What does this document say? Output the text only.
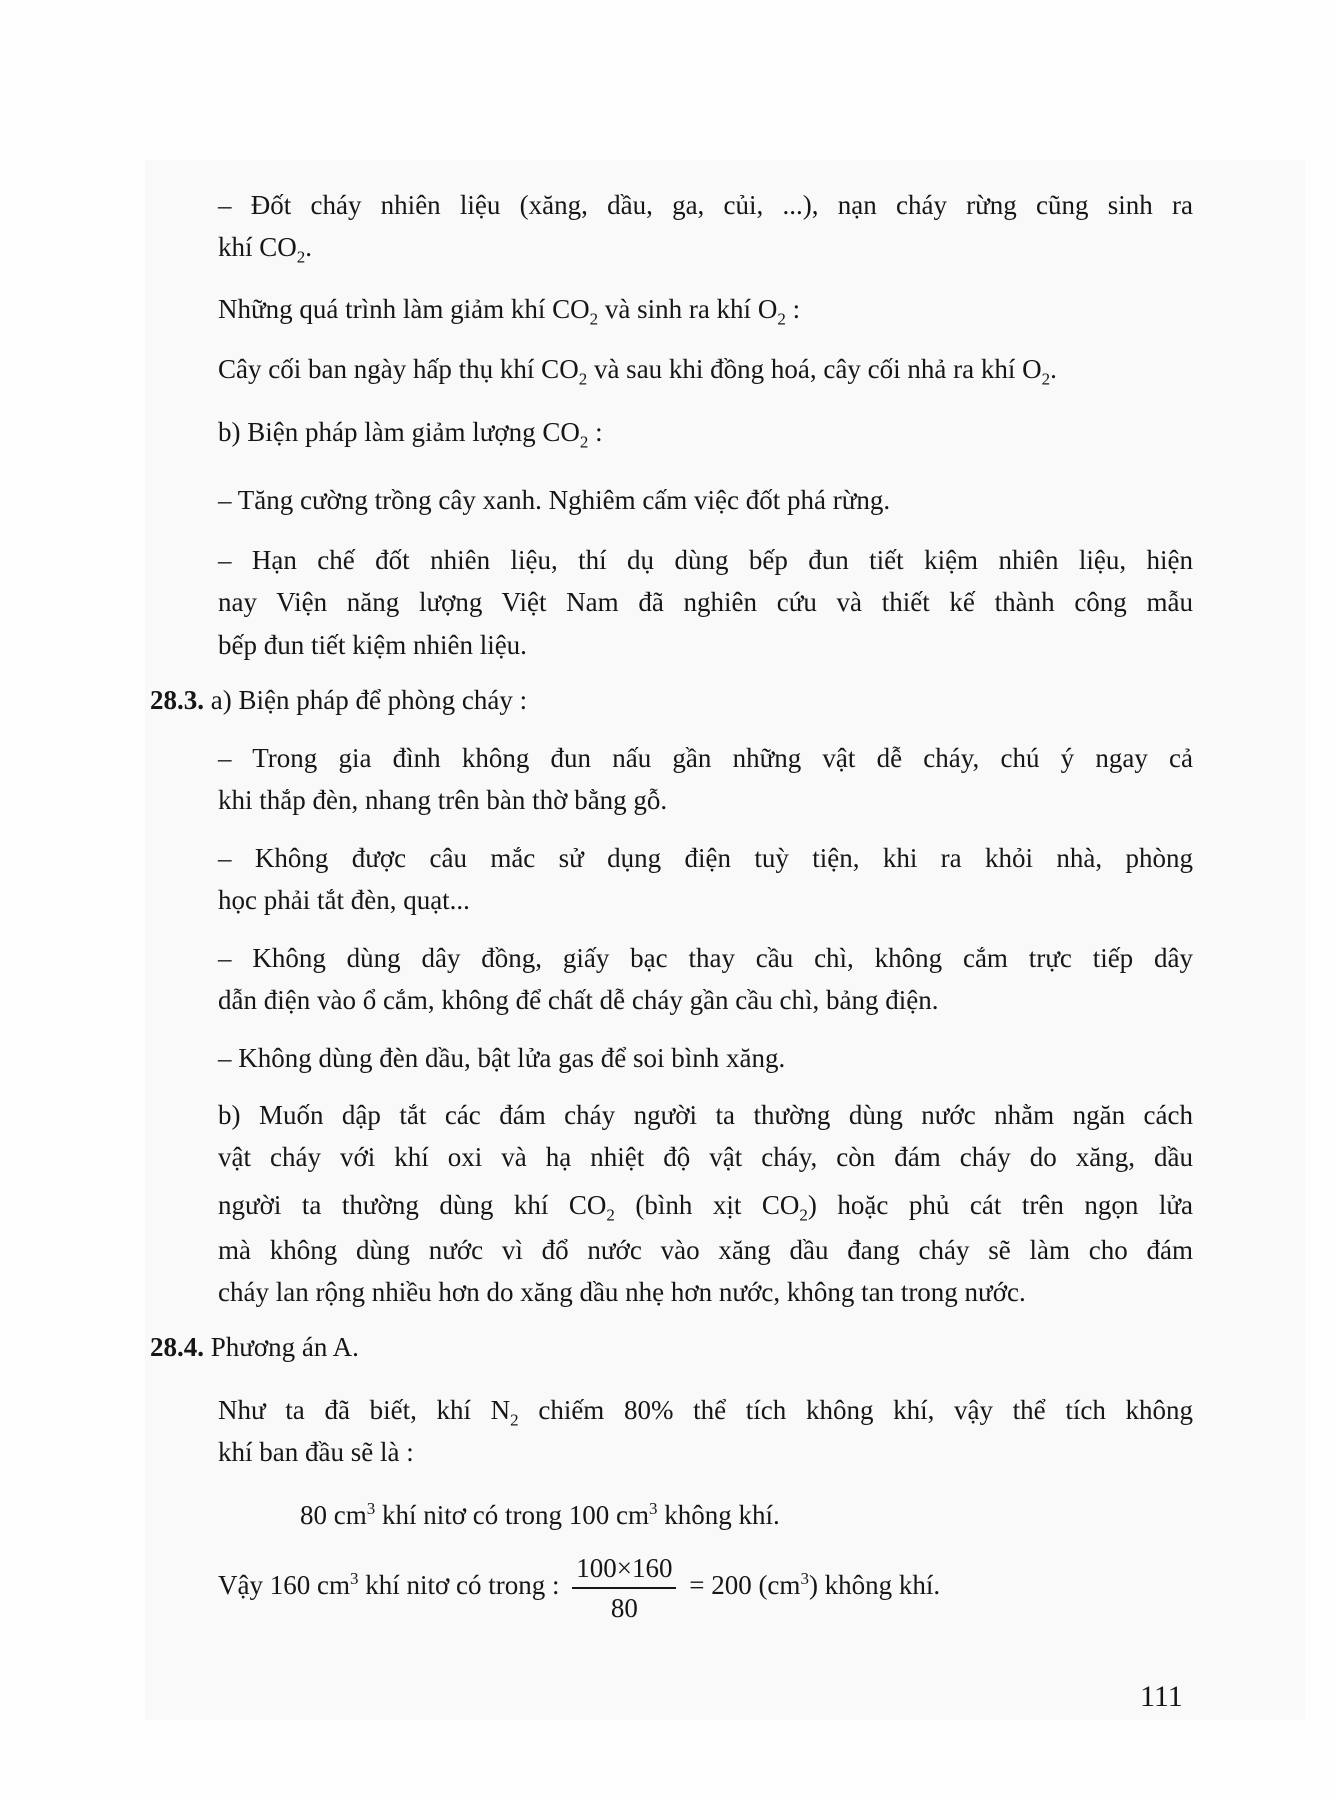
– Đốt cháy nhiên liệu (xăng, dầu, ga, củi, ...), nạn cháy rừng cũng sinh ra
khí $CO_2$.
Những quá trình làm giảm khí $CO_2$ và sinh ra khí $O_2$ :
Cây cối ban ngày hấp thụ khí $CO_2$ và sau khi đồng hoá, cây cối nhả ra khí $O_2$.
b) Biện pháp làm giảm lượng $CO_2$ :
– Tăng cường trồng cây xanh. Nghiêm cấm việc đốt phá rừng.
– Hạn chế đốt nhiên liệu, thí dụ dùng bếp đun tiết kiệm nhiên liệu, hiện
nay Viện năng lượng Việt Nam đã nghiên cứu và thiết kế thành công mẫu
bếp đun tiết kiệm nhiên liệu.
28.3. a) Biện pháp để phòng cháy :
– Trong gia đình không đun nấu gần những vật dễ cháy, chú ý ngay cả
khi thắp đèn, nhang trên bàn thờ bằng gỗ.
– Không được câu mắc sử dụng điện tuỳ tiện, khi ra khỏi nhà, phòng
học phải tắt đèn, quạt...
– Không dùng dây đồng, giấy bạc thay cầu chì, không cắm trực tiếp dây
dẫn điện vào ổ cắm, không để chất dễ cháy gần cầu chì, bảng điện.
– Không dùng đèn dầu, bật lửa gas để soi bình xăng.
b) Muốn dập tắt các đám cháy người ta thường dùng nước nhằm ngăn cách
vật cháy với khí oxi và hạ nhiệt độ vật cháy, còn đám cháy do xăng, dầu
người ta thường dùng khí $CO_2$ (bình xịt $CO_2$) hoặc phủ cát trên ngọn lửa
mà không dùng nước vì đổ nước vào xăng dầu đang cháy sẽ làm cho đám
cháy lan rộng nhiều hơn do xăng dầu nhẹ hơn nước, không tan trong nước.
28.4. Phương án A.
Như ta đã biết, khí $N_2$ chiếm 80% thể tích không khí, vậy thể tích không
khí ban đầu sẽ là :
80 $cm^3$ khí nitơ có trong 100 $cm^3$ không khí.
Vậy 160 $cm^3$ khí nitơ có trong : $\frac{100\times 160}{80} = 200$ $(cm^3)$ không khí.
111
